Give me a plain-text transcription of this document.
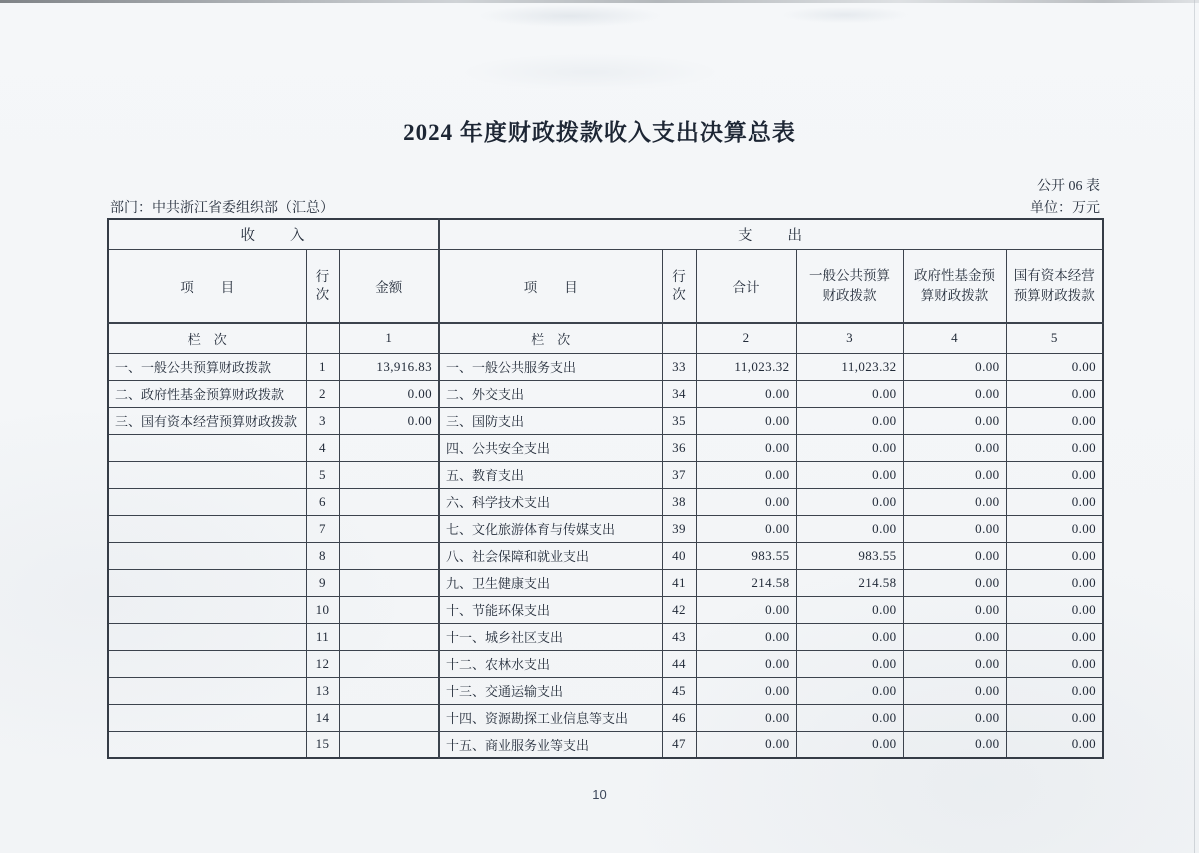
2024 年度财政拨款收入支出决算总表
公开 06 表
部门：中共浙江省委组织部（汇总）	单位：万元
收　　入			支　　出					
项　　目	行次	金额	项　　目	行次	合计	一般公共预算财政拨款	政府性基金预算财政拨款	国有资本经营预算财政拨款
栏　次		1	栏　次		2	3	4	5
一、一般公共预算财政拨款	1	13,916.83	一、一般公共服务支出	33	11,023.32	11,023.32	0.00	0.00
二、政府性基金预算财政拨款	2	0.00	二、外交支出	34	0.00	0.00	0.00	0.00
三、国有资本经营预算财政拨款	3	0.00	三、国防支出	35	0.00	0.00	0.00	0.00
	4		四、公共安全支出	36	0.00	0.00	0.00	0.00
	5		五、教育支出	37	0.00	0.00	0.00	0.00
	6		六、科学技术支出	38	0.00	0.00	0.00	0.00
	7		七、文化旅游体育与传媒支出	39	0.00	0.00	0.00	0.00
	8		八、社会保障和就业支出	40	983.55	983.55	0.00	0.00
	9		九、卫生健康支出	41	214.58	214.58	0.00	0.00
	10		十、节能环保支出	42	0.00	0.00	0.00	0.00
	11		十一、城乡社区支出	43	0.00	0.00	0.00	0.00
	12		十二、农林水支出	44	0.00	0.00	0.00	0.00
	13		十三、交通运输支出	45	0.00	0.00	0.00	0.00
	14		十四、资源勘探工业信息等支出	46	0.00	0.00	0.00	0.00
	15		十五、商业服务业等支出	47	0.00	0.00	0.00	0.00
10
